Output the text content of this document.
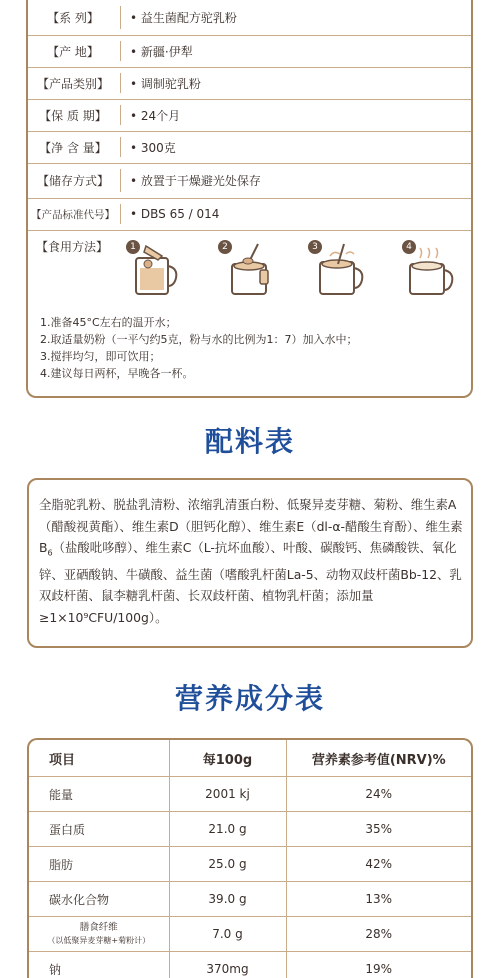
【系 列】	• 益生菌配方驼乳粉
【产 地】	• 新疆·伊犁
【产品类别】	• 调制驼乳粉
【保 质 期】	• 24个月
【净 含 量】	• 300克
【储存方式】	• 放置于干燥避光处保存
【产品标准代号】 • DBS 65 / 014
【食用方法】	1	2	3	4
1.准备45°C左右的温开水；
2.取适量奶粉（一平勺约5克，粉与水的比例为1：7）加入水中；
3.搅拌均匀，即可饮用；
4.建议每日两杯，早晚各一杯。
配料表
全脂驼乳粉、脱盐乳清粉、浓缩乳清蛋白粉、低聚异麦芽糖、菊粉、维生素A（醋酸视黄酯）、维生素D（胆钙化醇）、维生素E（dl-α-醋酸生育酚）、维生素$B_6$（盐酸吡哆醇）、维生素C（L-抗坏血酸）、叶酸、碳酸钙、焦磷酸铁、氧化锌、亚硒酸钠、牛磺酸、益生菌（嗜酸乳杆菌La-5、动物双歧杆菌Bb-12、乳双歧杆菌、鼠李糖乳杆菌、长双歧杆菌、植物乳杆菌；添加量≥1×10⁹CFU/100g）。
营养成分表
项目	每100g	营养素参考值(NRV)%
能量	2001 kj	24%
蛋白质	21.0 g	35%
脂肪	25.0 g	42%
碳水化合物	39.0 g	13%

膳食纤维
（以低聚异麦芽糖+菊粉计）	7.0 g	28%
钠	370mg	19%
